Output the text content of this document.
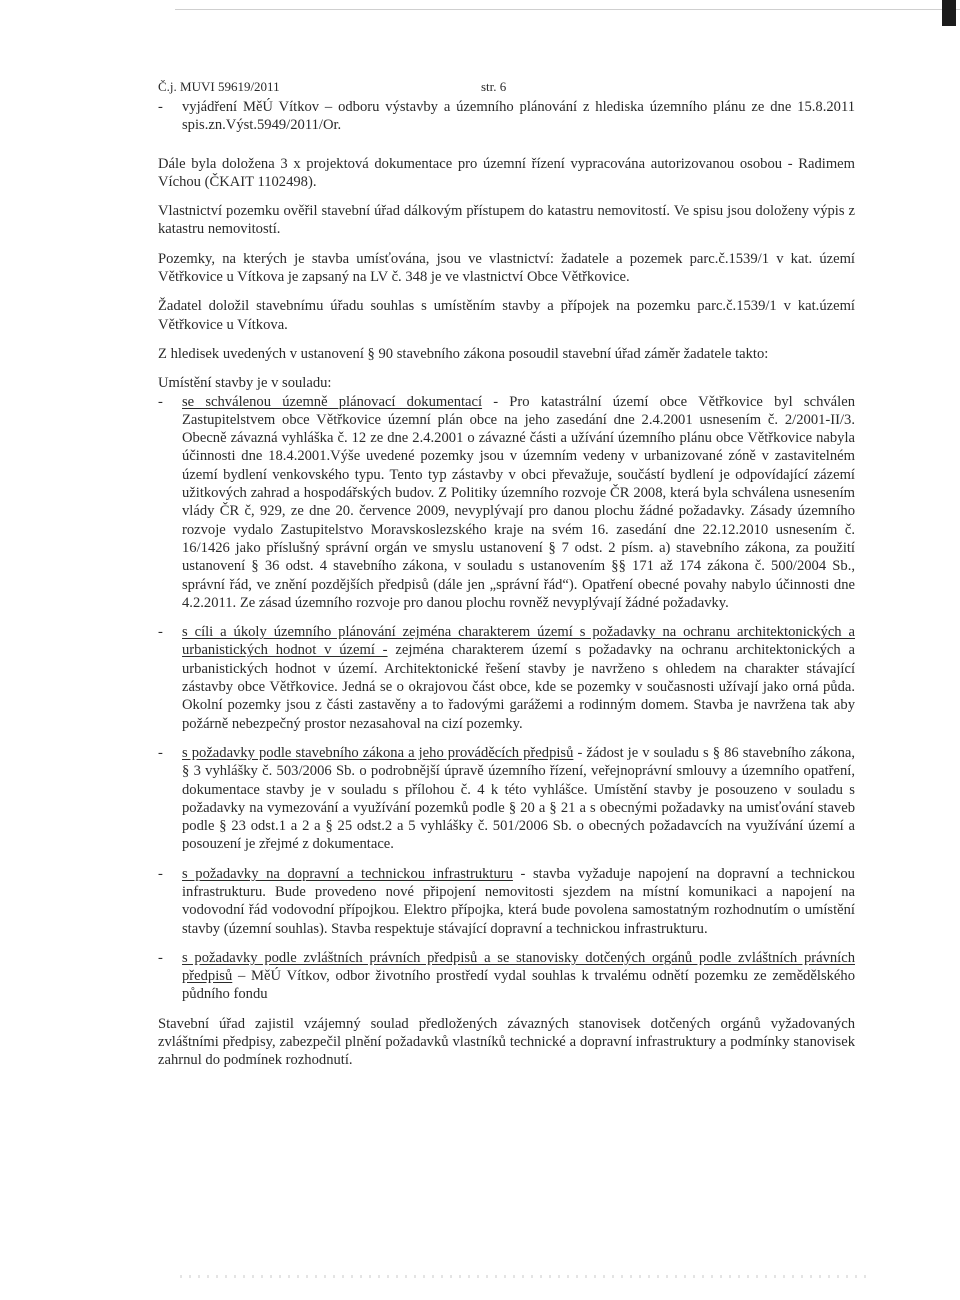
Č.j. MUVI 59619/2011	str. 6
- vyjádření MěÚ Vítkov – odboru výstavby a územního plánování z hlediska územního plánu ze dne 15.8.2011 spis.zn.Výst.5949/2011/Or.

Dále byla doložena 3 x projektová dokumentace pro územní řízení vypracována autorizovanou osobou - Radimem Víchou (ČKAIT 1102498).

Vlastnictví pozemku ověřil stavební úřad dálkovým přístupem do katastru nemovitostí. Ve spisu jsou doloženy výpis z katastru nemovitostí.

Pozemky, na kterých je stavba umísťována, jsou ve vlastnictví: žadatele a pozemek parc.č.1539/1 v kat. území Větřkovice u Vítkova je zapsaný na LV č. 348 je ve vlastnictví Obce Větřkovice.

Žadatel doložil stavebnímu úřadu souhlas s umístěním stavby a přípojek na pozemku parc.č.1539/1 v kat.území Větřkovice u Vítkova.

Z hledisek uvedených v ustanovení § 90 stavebního zákona posoudil stavební úřad záměr žadatele takto:

Umístění stavby je v souladu:

- se schválenou územně plánovací dokumentací - Pro katastrální území obce Větřkovice byl schválen Zastupitelstvem obce Větřkovice územní plán obce na jeho zasedání dne 2.4.2001 usnesením č. 2/2001-II/3. Obecně závazná vyhláška č. 12 ze dne 2.4.2001 o závazné části a užívání územního plánu obce Větřkovice nabyla účinnosti dne 18.4.2001.Výše uvedené pozemky jsou v územním vedeny v urbanizované zóně v zastavitelném území bydlení venkovského typu. Tento typ zástavby v obci převažuje, součástí bydlení je odpovídající zázemí užitkových zahrad a hospodářských budov. Z Politiky územního rozvoje ČR 2008, která byla schválena usnesením vlády ČR č, 929, ze dne 20. července 2009, nevyplývají pro danou plochu žádné požadavky. Zásady územního rozvoje vydalo Zastupitelstvo Moravskoslezského kraje na svém 16. zasedání dne 22.12.2010 usnesením č. 16/1426 jako příslušný správní orgán ve smyslu ustanovení § 7 odst. 2 písm. a) stavebního zákona, za použití ustanovení § 36 odst. 4 stavebního zákona, v souladu s ustanovením §§ 171 až 174 zákona č. 500/2004 Sb., správní řád, ve znění pozdějších předpisů (dále jen „správní řád“). Opatření obecné povahy nabylo účinnosti dne 4.2.2011. Ze zásad územního rozvoje pro danou plochu rovněž nevyplývají žádné požadavky.
- s cíli a úkoly územního plánování zejména charakterem území s požadavky na ochranu architektonických a urbanistických hodnot v území - zejména charakterem území s požadavky na ochranu architektonických a urbanistických hodnot v území. Architektonické řešení stavby je navrženo s ohledem na charakter stávající zástavby obce Větřkovice. Jedná se o okrajovou část obce, kde se pozemky v současnosti užívají jako orná půda. Okolní pozemky jsou z části zastavěny a to řadovými garážemi a rodinným domem. Stavba je navržena tak aby požárně nebezpečný prostor nezasahoval na cizí pozemky.
- s požadavky podle stavebního zákona a jeho prováděcích předpisů - žádost je v souladu s § 86 stavebního zákona, § 3 vyhlášky č. 503/2006 Sb. o podrobnější úpravě územního řízení, veřejnoprávní smlouvy a územního opatření, dokumentace stavby je v souladu s přílohou č. 4 k této vyhlášce. Umístění stavby je posouzeno v souladu s požadavky na vymezování a využívání pozemků podle § 20 a § 21 a s obecnými požadavky na umisťování staveb podle § 23 odst.1 a 2 a § 25 odst.2 a 5 vyhlášky č. 501/2006 Sb. o obecných požadavcích na využívání území a posouzení je zřejmé z dokumentace.
- s požadavky na dopravní a technickou infrastrukturu - stavba vyžaduje napojení na dopravní a technickou infrastrukturu. Bude provedeno nové připojení nemovitosti sjezdem na místní komunikaci a napojení na vodovodní řád vodovodní přípojkou. Elektro přípojka, která bude povolena samostatným rozhodnutím o umístění stavby (územní souhlas). Stavba respektuje stávající dopravní a technickou infrastrukturu.
- s požadavky podle zvláštních právních předpisů a se stanovisky dotčených orgánů podle zvláštních právních předpisů – MěÚ Vítkov, odbor životního prostředí vydal souhlas k trvalému odnětí pozemku ze zemědělského půdního fondu

Stavební úřad zajistil vzájemný soulad předložených závazných stanovisek dotčených orgánů vyžadovaných zvláštními předpisy, zabezpečil plnění požadavků vlastníků technické a dopravní infrastruktury a podmínky stanovisek zahrnul do podmínek rozhodnutí.
